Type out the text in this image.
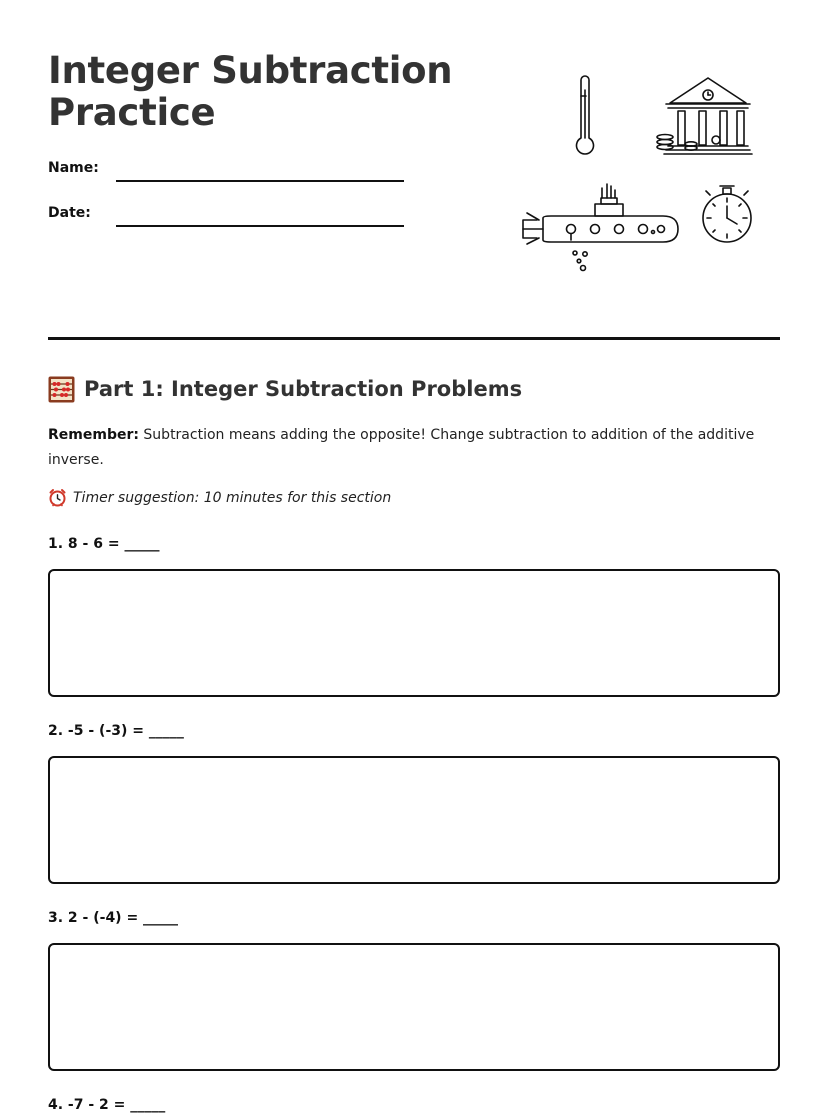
Integer Subtraction Practice
Name:
Date:
Part 1: Integer Subtraction Problems

Remember: Subtraction means adding the opposite! Change subtraction to addition of the additive inverse.

Timer suggestion: 10 minutes for this section

1. 8 - 6 = _____

2. -5 - (-3) = _____

3. 2 - (-4) = _____

4. -7 - 2 = _____
